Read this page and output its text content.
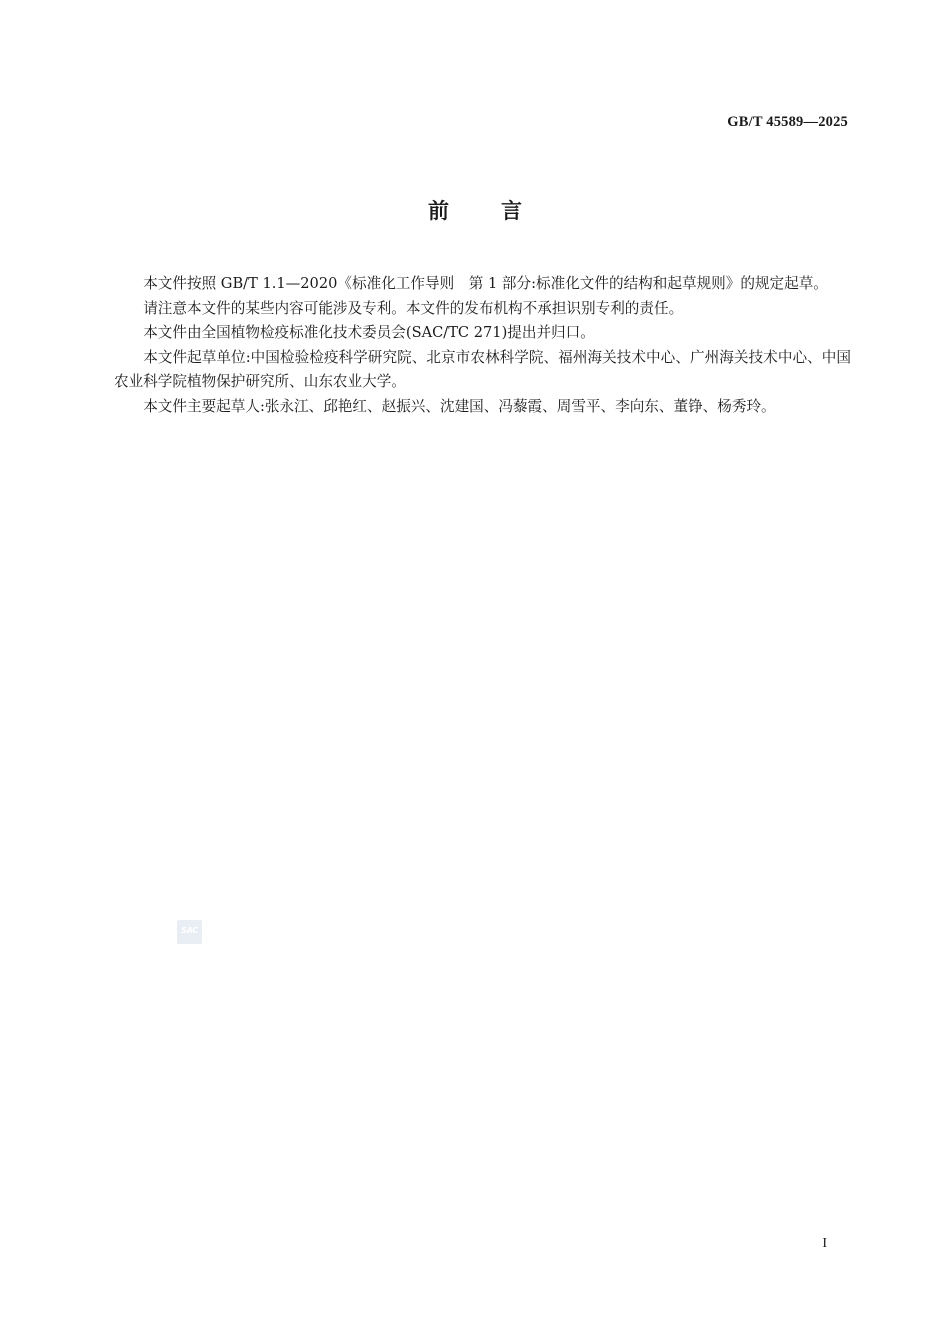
GB/T 45589—2025
前 言

本文件按照 GB/T 1.1—2020《标准化工作导则　第 1 部分:标准化文件的结构和起草规则》的规定起草。

请注意本文件的某些内容可能涉及专利。本文件的发布机构不承担识别专利的责任。

本文件由全国植物检疫标准化技术委员会(SAC/TC 271)提出并归口。

本文件起草单位:中国检验检疫科学研究院、北京市农林科学院、福州海关技术中心、广州海关技术中心、中国农业科学院植物保护研究所、山东农业大学。

本文件主要起草人:张永江、邱艳红、赵振兴、沈建国、冯藜霞、周雪平、李向东、董铮、杨秀玲。

SAC
I
